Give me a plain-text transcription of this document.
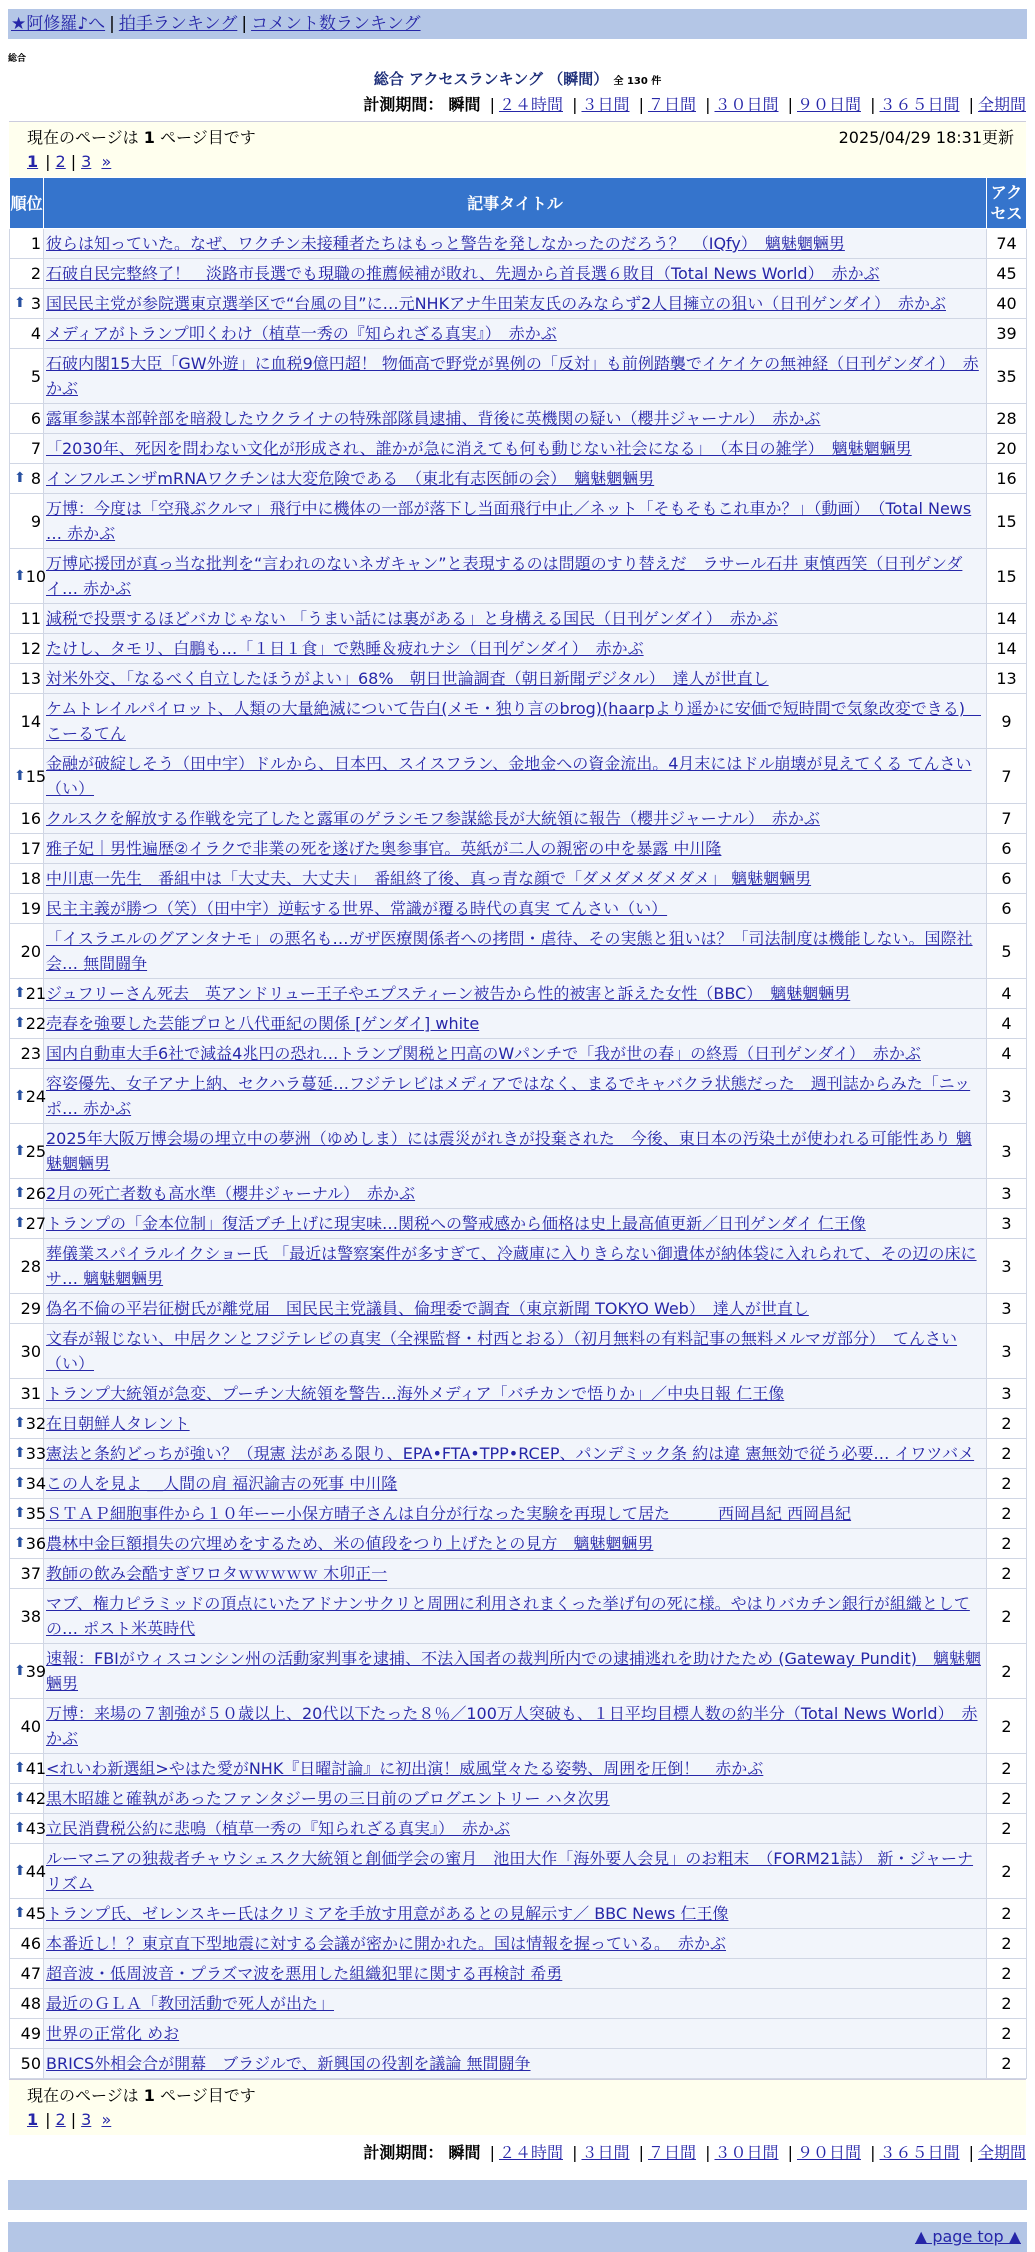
★阿修羅♪へ | 拍手ランキング | コメント数ランキング
総合
総合 アクセスランキング （瞬間） 全 130 件
計測期間： 瞬間 | ２４時間 | ３日間 | ７日間 | ３０日間 | ９０日間 | ３６５日間 | 全期間
現在のページは 1 ページ目です	2025/04/29 18:31更新
1 | 2 | 3 »
順位	記事タイトル	アクセス
1	彼らは知っていた。なぜ、ワクチン未接種者たちはもっと警告を発しなかったのだろう？　（IQfy）　魑魅魍魎男	74
2	石破自民完整終了！　淡路市長選でも現職の推薦候補が敗れ、先週から首長選６敗目（Total News World）　赤かぶ	45

⬆ 3	国民民主党が参院選東京選挙区で“台風の目”に…元NHKアナ牛田茉友氏のみならず2人目擁立の狙い（日刊ゲンダイ）　赤かぶ	40
4	メディアがトランプ叩くわけ（植草一秀の『知られざる真実』）　赤かぶ	39
5	石破内閣15大臣「GW外遊」に血税9億円超！ 物価高で野党が異例の「反対」も前例踏襲でイケイケの無神経（日刊ゲンダイ）　赤かぶ	35
6	露軍参謀本部幹部を暗殺したウクライナの特殊部隊員逮捕、背後に英機関の疑い（櫻井ジャーナル）　赤かぶ	28
7	「2030年、死因を問わない文化が形成され、誰かが急に消えても何も動じない社会になる」　（本日の雑学）　魑魅魍魎男	20

⬆ 8	インフルエンザmRNAワクチンは大変危険である　（東北有志医師の会）　魑魅魍魎男	16
9	万博：今度は「空飛ぶクルマ」飛行中に機体の一部が落下し当面飛行中止／ネット「そもそもこれ車か？」（動画）　（Total News … 赤かぶ	15

⬆ 10	万博応援団が真っ当な批判を“言われのないネガキャン”と表現するのは問題のすり替えだ　ラサール石井 東慎西笑（日刊ゲンダイ… 赤かぶ	15
11	減税で投票するほどバカじゃない 「うまい話には裏がある」と身構える国民（日刊ゲンダイ）　赤かぶ	14
12	たけし、タモリ、白鵬も…「１日１食」で熟睡＆疲れナシ（日刊ゲンダイ）　赤かぶ	14
13	対米外交、「なるべく自立したほうがよい」68%　朝日世論調査（朝日新聞デジタル）　達人が世直し	13
14	ケムトレイルパイロット、人類の大量絶滅について告白(メモ・独り言のbrog)(haarpより遥かに安価で短時間で気象改変できる)　こーるてん	9

⬆ 15	金融が破綻しそう（田中宇）ドルから、日本円、スイスフラン、金地金への資金流出。4月末にはドル崩壊が見えてくる てんさい（い）	7
16	クルスクを解放する作戦を完了したと露軍のゲラシモフ参謀総長が大統領に報告（櫻井ジャーナル）　赤かぶ	7
17	雅子妃｜男性遍歴②イラクで非業の死を遂げた奥参事官。英紙が二人の親密の中を暴露 中川隆	6
18	中川恵一先生　番組中は「大丈夫、大丈夫」　番組終了後、真っ青な顔で「ダメダメダメダメ」 魑魅魍魎男	6
19	民主主義が勝つ（笑）（田中宇）逆転する世界、常識が覆る時代の真実 てんさい（い）	6
20	「イスラエルのグアンタナモ」の悪名も…ガザ医療関係者への拷問・虐待、その実態と狙いは？「司法制度は機能しない。国際社会… 無間闘争	5

⬆ 21	ジュフリーさん死去　英アンドリュー王子やエプスティーン被告から性的被害と訴えた女性（BBC）　魑魅魍魎男	4

⬆ 22	売春を強要した芸能プロと八代亜紀の関係 [ゲンダイ] white	4
23	国内自動車大手6社で減益4兆円の恐れ…トランプ関税と円高のWパンチで「我が世の春」の終焉（日刊ゲンダイ）　赤かぶ	4

⬆ 24	容姿優先、女子アナ上納、セクハラ蔓延…フジテレビはメディアではなく、まるでキャバクラ状態だった　週刊誌からみた「ニッポ… 赤かぶ	3

⬆ 25	2025年大阪万博会場の埋立中の夢洲（ゆめしま）には震災がれきが投棄された　今後、東日本の汚染土が使われる可能性あり 魑魅魍魎男	3

⬆ 26	2月の死亡者数も高水準（櫻井ジャーナル）　赤かぶ	3

⬆ 27	トランプの「金本位制」復活ブチ上げに現実味…関税への警戒感から価格は史上最高値更新／日刊ゲンダイ 仁王像	3
28	葬儀業スパイラルイクショー氏 「最近は警察案件が多すぎて、冷蔵庫に入りきらない御遺体が納体袋に入れられて、その辺の床にサ… 魑魅魍魎男	3
29	偽名不倫の平岩征樹氏が離党届　国民民主党議員、倫理委で調査（東京新聞 TOKYO Web）　達人が世直し	3
30	文春が報じない、中居クンとフジテレビの真実（全裸監督・村西とおる）（初月無料の有料記事の無料メルマガ部分）　てんさい（い）	3
31	トランプ大統領が急変、プーチン大統領を警告…海外メディア「バチカンで悟りか」／中央日報 仁王像	3

⬆ 32	在日朝鮮人タレント	2

⬆ 33	憲法と条約どっちが強い？（現憲 法がある限り、EPA•FTA•TPP•RCEP、パンデミック条 約は違 憲無効で従う必要… イワツバメ	2

⬆ 34	この人を見よ ＿人間の肩 福沢諭吉の死事 中川隆	2

⬆ 35	ＳＴＡＰ細胞事件から１０年ーー小保方晴子さんは自分が行なった実験を再現して居た　　　西岡昌紀 西岡昌紀	2

⬆ 36	農林中金巨額損失の穴埋めをするため、米の値段をつり上げたとの見方　魑魅魍魎男	2
37	教師の飲み会酷すぎワロタｗｗｗｗｗ 木卯正一	2
38	マブ、権力ピラミッドの頂点にいたアドナンサクリと周囲に利用されまくった挙げ句の死に様。やはりバカチン銀行が組織としての… ポスト米英時代	2

⬆ 39	速報：FBIがウィスコンシン州の活動家判事を逮捕、不法入国者の裁判所内での逮捕逃れを助けたため (Gateway Pundit)　魑魅魍魎男	2
40	万博：来場の７割強が５０歳以上、20代以下たった８％／100万人突破も、１日平均目標人数の約半分（Total News World）　赤かぶ	2

⬆ 41	<れいわ新選組>やはた愛がNHK『日曜討論』に初出演！威風堂々たる姿勢、周囲を圧倒！　赤かぶ	2

⬆ 42	黒木昭雄と確執があったファンタジー男の三日前のブログエントリー ハタ次男	2

⬆ 43	立民消費税公約に悲鳴（植草一秀の『知られざる真実』）　赤かぶ	2

⬆ 44	ルーマニアの独裁者チャウシェスク大統領と創価学会の蜜月　池田大作「海外要人会見」のお粗末　（FORM21誌） 新・ジャーナリズム	2

⬆ 45	トランプ氏、ゼレンスキー氏はクリミアを手放す用意があるとの見解示す／ BBC News 仁王像	2
46	本番近し！？東京直下型地震に対する会議が密かに開かれた。国は情報を握っている。　赤かぶ	2
47	超音波・低周波音・プラズマ波を悪用した組織犯罪に関する再検討 希勇	2
48	最近のＧＬＡ「教団活動で死人が出た」	2
49	世界の正常化 めお	2
50	BRICS外相会合が開幕　ブラジルで、新興国の役割を議論 無間闘争	2
現在のページは 1 ページ目です
1 | 2 | 3 »
計測期間： 瞬間 | ２４時間 | ３日間 | ７日間 | ３０日間 | ９０日間 | ３６５日間 | 全期間
▲ page top ▲
